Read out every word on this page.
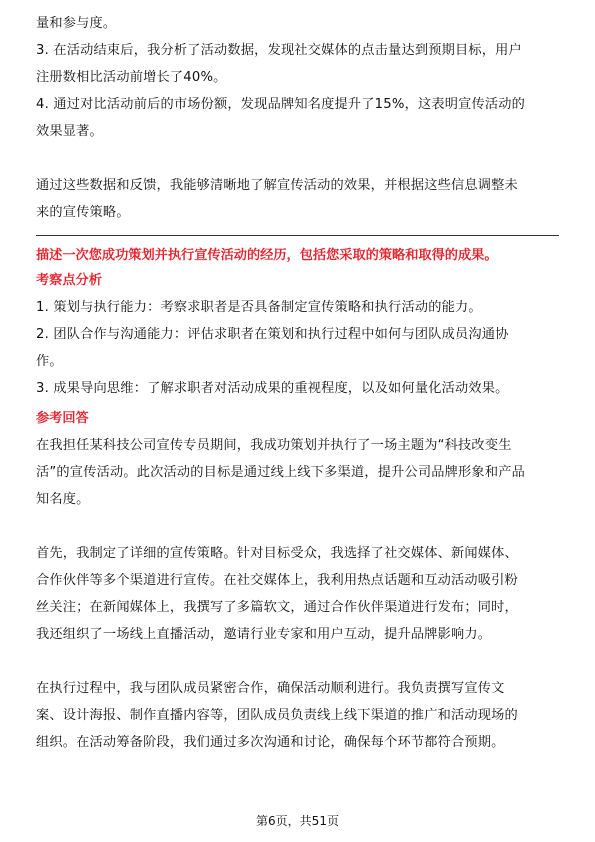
量和参与度。

3. 在活动结束后，我分析了活动数据，发现社交媒体的点击量达到预期目标，用户

注册数相比活动前增长了40%。

4. 通过对比活动前后的市场份额，发现品牌知名度提升了15%，这表明宣传活动的

效果显著。

通过这些数据和反馈，我能够清晰地了解宣传活动的效果，并根据这些信息调整未

来的宣传策略。

描述一次您成功策划并执行宣传活动的经历，包括您采取的策略和取得的成果。

考察点分析

1. 策划与执行能力：考察求职者是否具备制定宣传策略和执行活动的能力。

2. 团队合作与沟通能力：评估求职者在策划和执行过程中如何与团队成员沟通协

作。

3. 成果导向思维：了解求职者对活动成果的重视程度，以及如何量化活动效果。

参考回答

在我担任某科技公司宣传专员期间，我成功策划并执行了一场主题为“科技改变生

活”的宣传活动。此次活动的目标是通过线上线下多渠道，提升公司品牌形象和产品

知名度。

首先，我制定了详细的宣传策略。针对目标受众，我选择了社交媒体、新闻媒体、

合作伙伴等多个渠道进行宣传。在社交媒体上，我利用热点话题和互动活动吸引粉

丝关注；在新闻媒体上，我撰写了多篇软文，通过合作伙伴渠道进行发布；同时，

我还组织了一场线上直播活动，邀请行业专家和用户互动，提升品牌影响力。

在执行过程中，我与团队成员紧密合作，确保活动顺利进行。我负责撰写宣传文

案、设计海报、制作直播内容等，团队成员负责线上线下渠道的推广和活动现场的

组织。在活动筹备阶段，我们通过多次沟通和讨论，确保每个环节都符合预期。

第6页，共51页
